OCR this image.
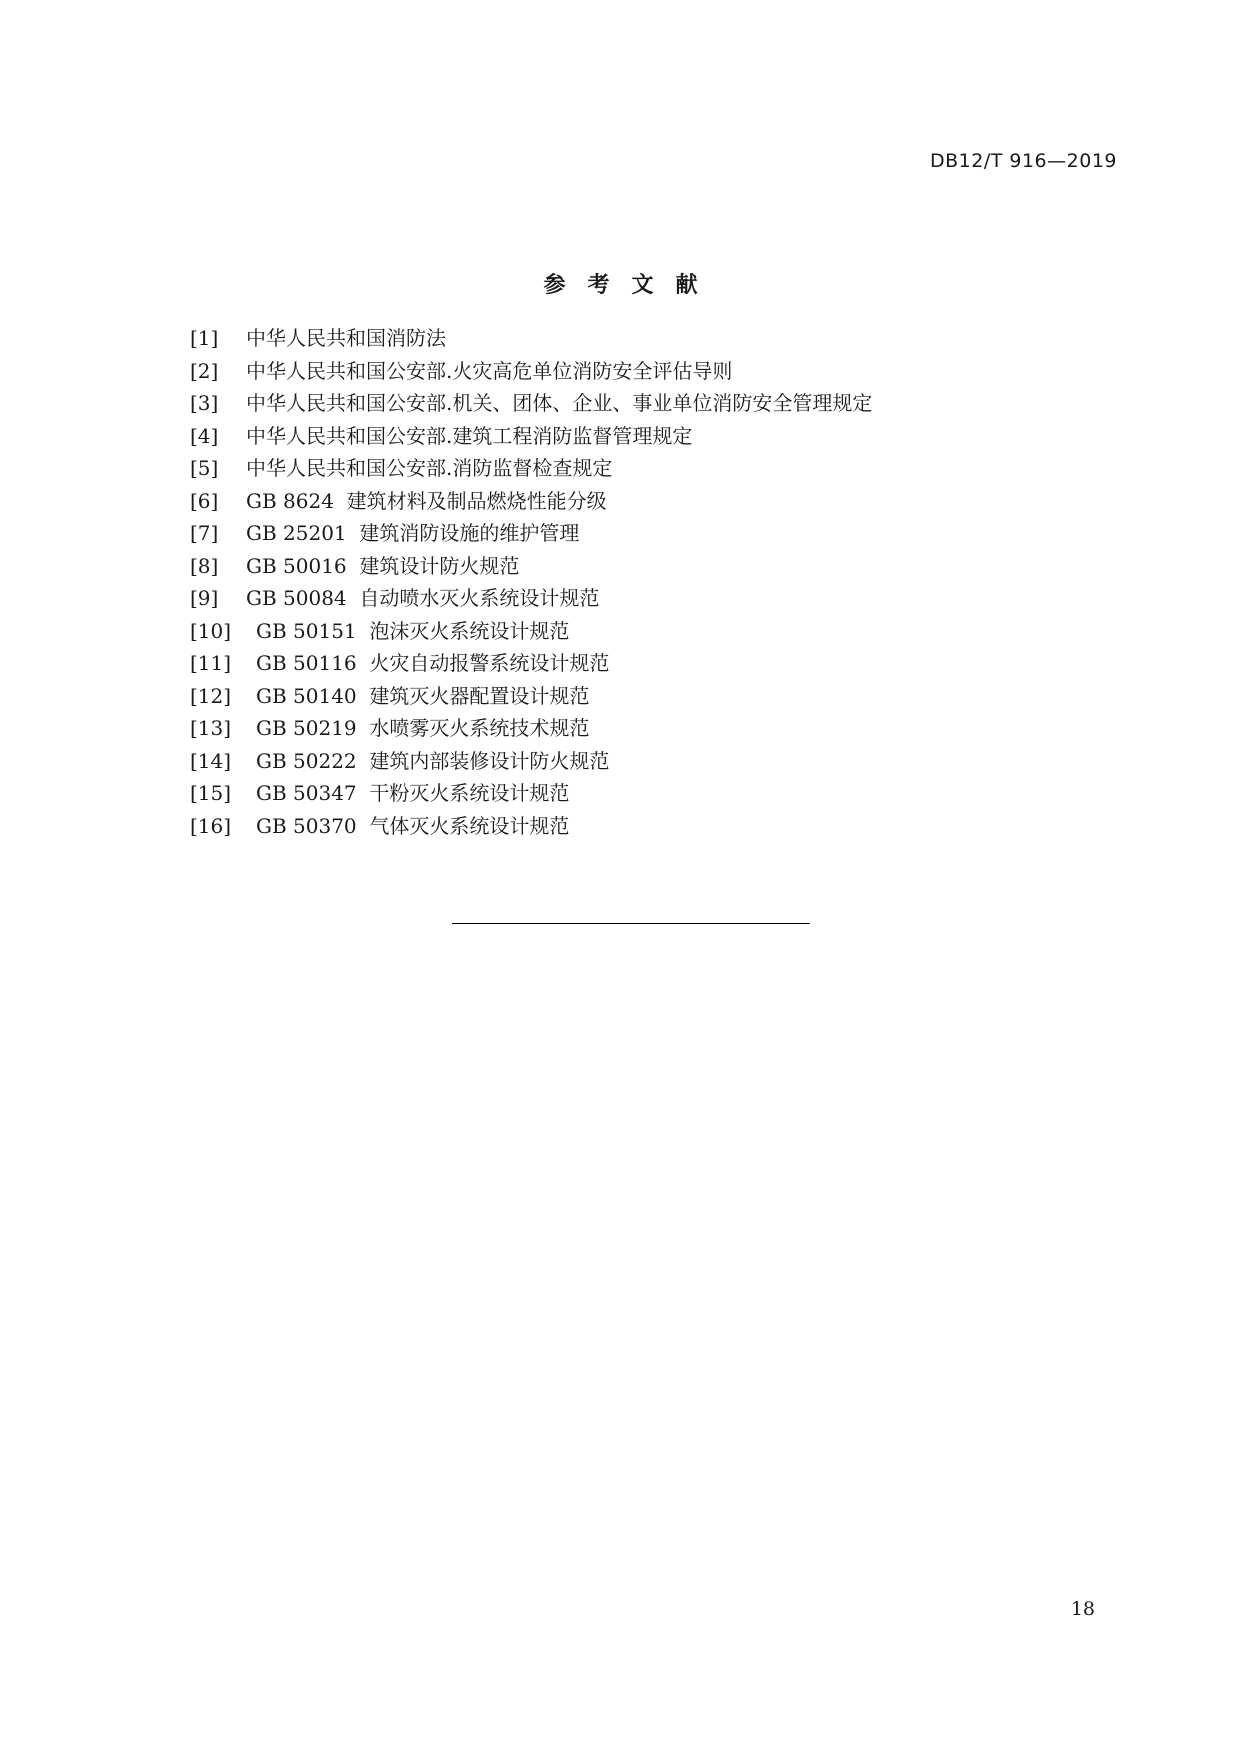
DB12/T 916—2019
参考文献
[1] 中华人民共和国消防法
[2] 中华人民共和国公安部.火灾高危单位消防安全评估导则
[3] 中华人民共和国公安部.机关、团体、企业、事业单位消防安全管理规定
[4] 中华人民共和国公安部.建筑工程消防监督管理规定
[5] 中华人民共和国公安部.消防监督检查规定
[6] GB 8624  建筑材料及制品燃烧性能分级
[7] GB 25201  建筑消防设施的维护管理
[8] GB 50016  建筑设计防火规范
[9] GB 50084  自动喷水灭火系统设计规范
[10] GB 50151  泡沫灭火系统设计规范
[11] GB 50116  火灾自动报警系统设计规范
[12] GB 50140  建筑灭火器配置设计规范
[13] GB 50219  水喷雾灭火系统技术规范
[14] GB 50222  建筑内部装修设计防火规范
[15] GB 50347  干粉灭火系统设计规范
[16] GB 50370  气体灭火系统设计规范
18
